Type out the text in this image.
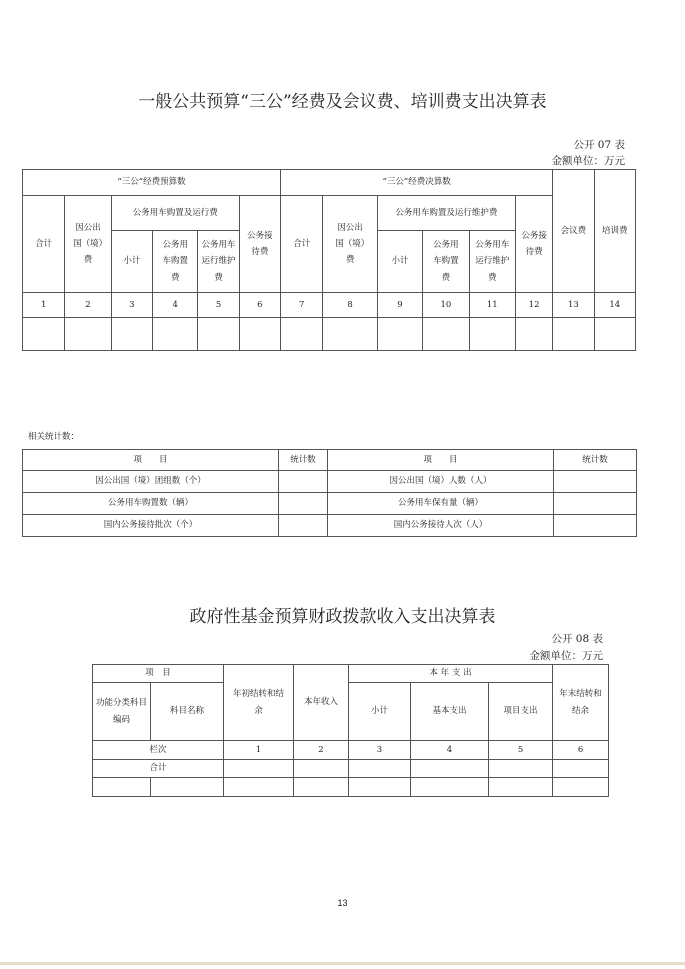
一般公共预算“三公”经费及会议费、培训费支出决算表
公开 07 表
金额单位：万元
“三公”经费预算数						“三公”经费决算数						会议费	培训费
合计	因公出国（境）费	公务用车购置及运行费			公务接待费	合计	因公出国（境）费	公务用车购置及运行维护费			公务接待费		
		小计	公务用车购置费	公务用车运行维护费				小计	公务用车购置费	公务用车运行维护费			
1	2	3	4	5	6	7	8	9	10	11	12	13	14

相关统计数：
项　　目	统计数	项　　目	统计数
因公出国（境）团组数（个）		因公出国（境）人数（人）	
公务用车购置数（辆）		公务用车保有量（辆）	
国内公务接待批次（个）		国内公务接待人次（人）	
政府性基金预算财政拨款收入支出决算表
公开 08 表
金额单位：万元
项　目		年初结转和结余	本年收入	本 年 支 出			年末结转和结余
功能分类科目编码	科目名称			小计	基本支出	项目支出	
栏次		1	2	3	4	5	6
合计							

13
